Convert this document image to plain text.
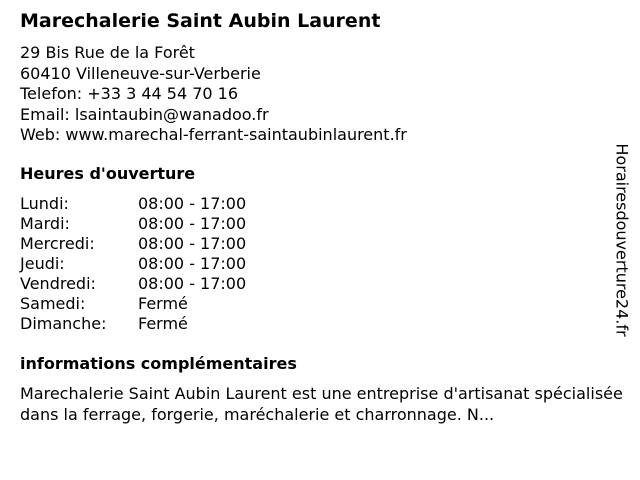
Marechalerie Saint Aubin Laurent
29 Bis Rue de la Forêt
60410 Villeneuve-sur-Verberie
Telefon: +33 3 44 54 70 16
Email: lsaintaubin@wanadoo.fr
Web: www.marechal-ferrant-saintaubinlaurent.fr
Heures d'ouverture
Lundi:	08:00 - 17:00
Mardi:	08:00 - 17:00
Mercredi:	08:00 - 17:00
Jeudi:	08:00 - 17:00
Vendredi:	08:00 - 17:00
Samedi:	Fermé
Dimanche:	Fermé
informations complémentaires
Marechalerie Saint Aubin Laurent est une entreprise d'artisanat spécialisée dans la ferrage, forgerie, maréchalerie et charronnage. N...
Horairesdouverture24.fr
